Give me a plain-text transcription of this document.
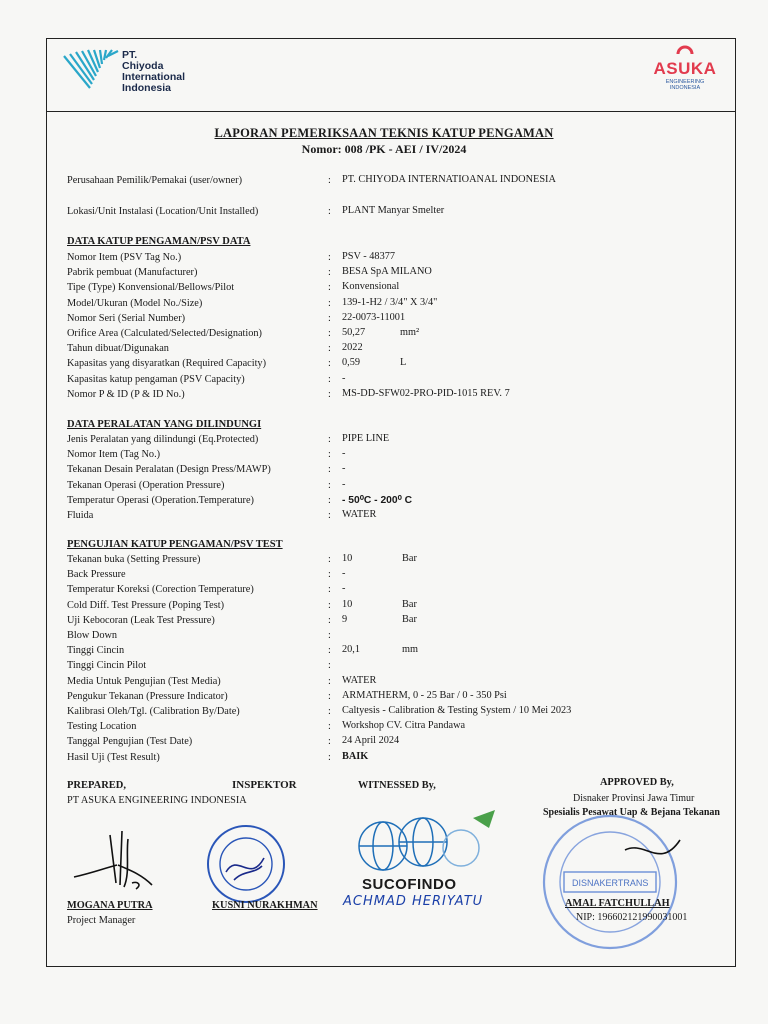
PT.
Chiyoda
International
Indonesia
ASUKA
ENGINEERING
INDONESIA
LAPORAN PEMERIKSAAN TEKNIS KATUP PENGAMAN
Nomor: 008 /PK - AEI / IV/2024
Perusahaan Pemilik/Pemakai (user/owner)	: PT. CHIYODA INTERNATIOANAL INDONESIA
Lokasi/Unit Instalasi (Location/Unit Installed)	: PLANT Manyar Smelter
DATA KATUP PENGAMAN/PSV DATA
Nomor Item (PSV Tag No.)	: PSV - 48377
Pabrik pembuat (Manufacturer)	: BESA SpA MILANO
Tipe (Type) Konvensional/Bellows/Pilot	: Konvensional
Model/Ukuran (Model No./Size)	: 139-1-H2 / 3/4" X 3/4"
Nomor Seri (Serial Number)	: 22-0073-11001
Orifice Area (Calculated/Selected/Designation)	: 50,27	mm²
Tahun dibuat/Digunakan	: 2022
Kapasitas yang disyaratkan (Required Capacity)	: 0,59	L
Kapasitas katup pengaman (PSV Capacity)	: -
Nomor P & ID (P & ID No.)	: MS-DD-SFW02-PRO-PID-1015 REV. 7
DATA PERALATAN YANG DILINDUNGI
Jenis Peralatan yang dilindungi (Eq.Protected)	: PIPE LINE
Nomor Item (Tag No.)	: -
Tekanan Desain Peralatan (Design Press/MAWP)	: -
Tekanan Operasi (Operation Pressure)	: -
Temperatur Operasi (Operation.Temperature)	: - 50⁰C - 200⁰ C
Fluida	: WATER
PENGUJIAN KATUP PENGAMAN/PSV TEST
Tekanan buka (Setting Pressure)	: 10	Bar
Back Pressure	: -
Temperatur Koreksi (Corection Temperature)	: -
Cold Diff. Test Pressure (Poping Test)	: 10	Bar
Uji Kebocoran (Leak Test Pressure)	: 9	Bar
Blow Down	:
Tinggi Cincin	: 20,1	mm
Tinggi Cincin Pilot	:
Media Untuk Pengujian (Test Media)	: WATER
Pengukur Tekanan (Pressure Indicator)	: ARMATHERM, 0 - 25 Bar / 0 - 350 Psi
Kalibrasi Oleh/Tgl. (Calibration By/Date)	: Caltyesis - Calibration & Testing System / 10 Mei 2023
Testing Location	: Workshop CV. Citra Pandawa
Tanggal Pengujian (Test Date)	: 24 April 2024
Hasil Uji (Test Result)	: BAIK
PREPARED,
PT ASUKA ENGINEERING INDONESIA
INSPEKTOR	WITNESSED By,	APPROVED By,
Disnaker Provinsi Jawa Timur
Spesialis Pesawat Uap & Bejana Tekanan
MOGANA PUTRA
Project Manager
KUSNI NURAKHMAN
SUCOFINDO
ACHMAD HERIYATU
DISNAKERTRANS
AMAL FATCHULLAH
NIP: 196602121990031001
